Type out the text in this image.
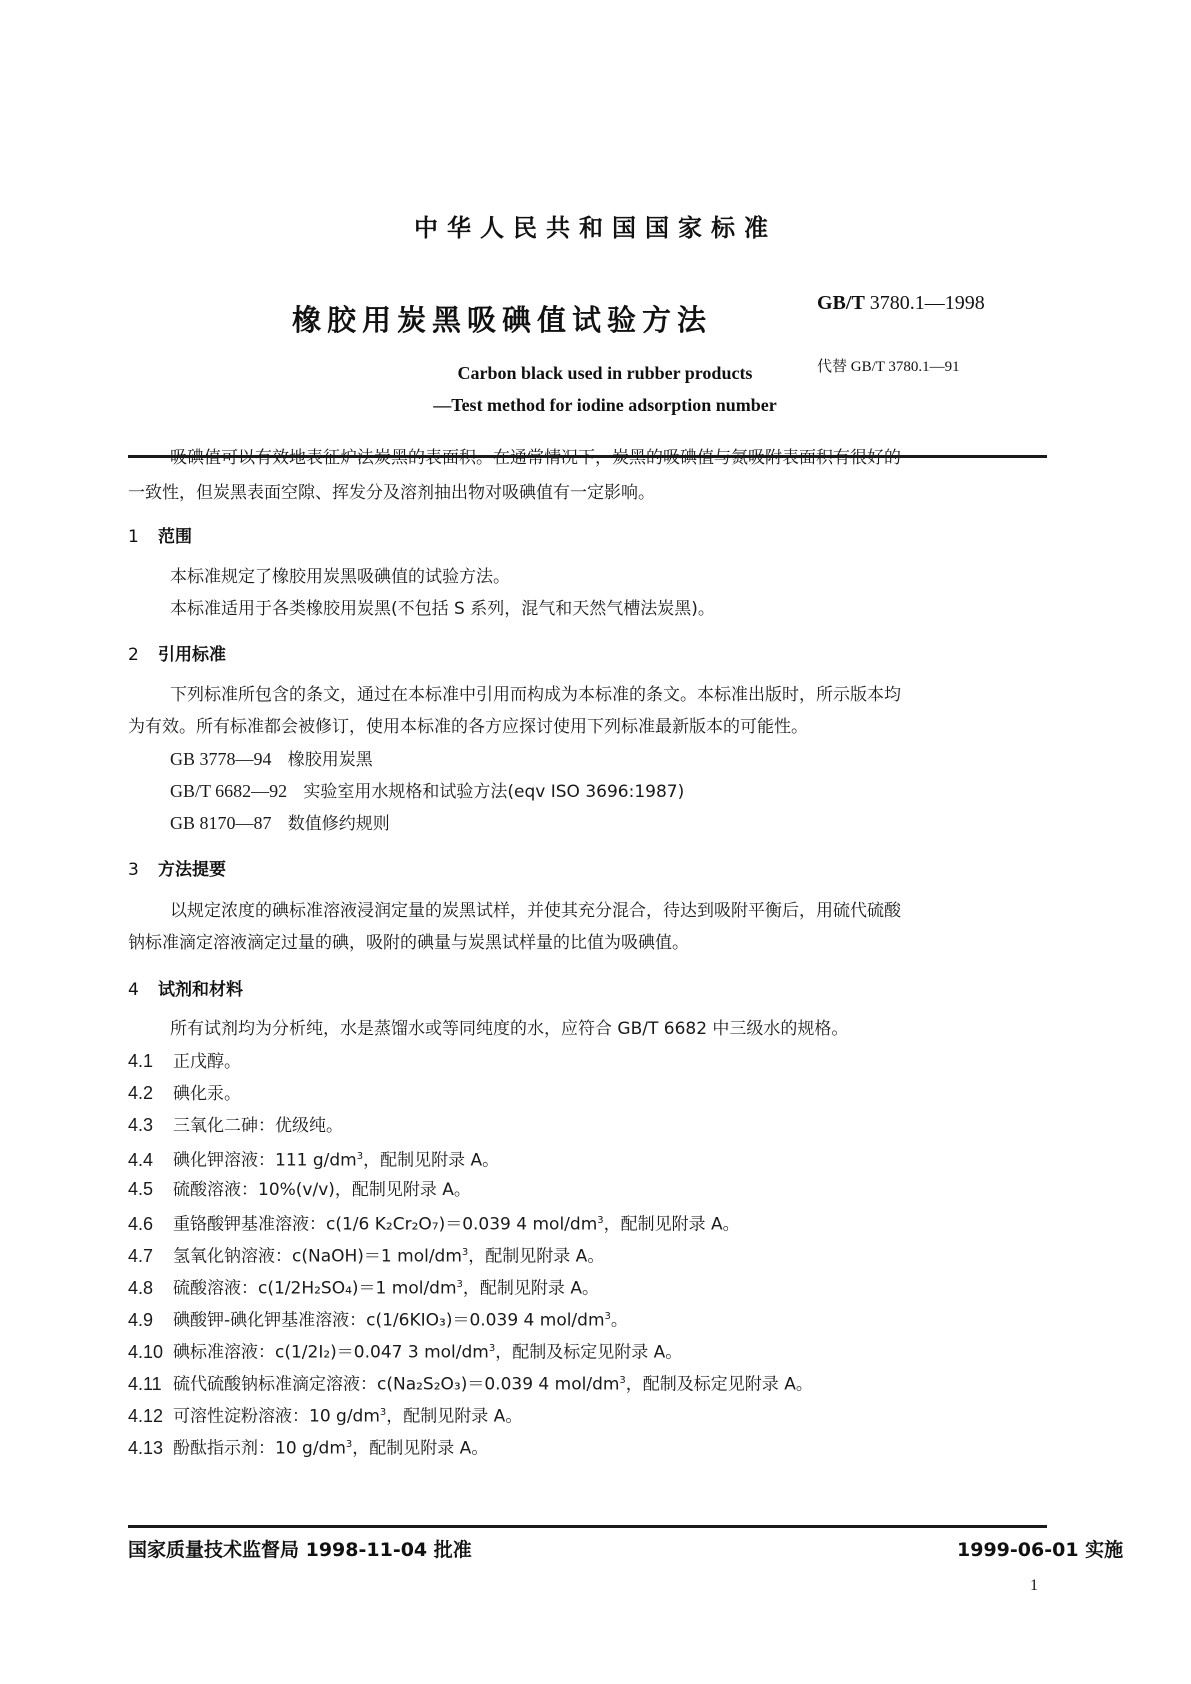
中华人民共和国国家标准
橡胶用炭黑吸碘值试验方法	GB/T 3780.1—1998
代替 GB/T 3780.1—91
Carbon black used in rubber products
—Test method for iodine adsorption number
吸碘值可以有效地表征炉法炭黑的表面积。在通常情况下，炭黑的吸碘值与氮吸附表面积有很好的
一致性，但炭黑表面空隙、挥发分及溶剂抽出物对吸碘值有一定影响。
1 范围
本标准规定了橡胶用炭黑吸碘值的试验方法。
本标准适用于各类橡胶用炭黑(不包括 S 系列，混气和天然气槽法炭黑)。
2 引用标准
下列标准所包含的条文，通过在本标准中引用而构成为本标准的条文。本标准出版时，所示版本均
为有效。所有标准都会被修订，使用本标准的各方应探讨使用下列标准最新版本的可能性。
GB 3778—94 橡胶用炭黑
GB/T 6682—92 实验室用水规格和试验方法(eqv ISO 3696:1987)
GB 8170—87 数值修约规则
3 方法提要
以规定浓度的碘标准溶液浸润定量的炭黑试样，并使其充分混合，待达到吸附平衡后，用硫代硫酸
钠标准滴定溶液滴定过量的碘，吸附的碘量与炭黑试样量的比值为吸碘值。
4 试剂和材料
所有试剂均为分析纯，水是蒸馏水或等同纯度的水，应符合 GB/T 6682 中三级水的规格。
4.1 正戊醇。
4.2 碘化汞。
4.3 三氧化二砷：优级纯。
4.4 碘化钾溶液：111 $g/dm^3$，配制见附录 A。
4.5 硫酸溶液：10%(v/v)，配制见附录 A。
4.6 重铬酸钾基准溶液：c(1/6 K₂Cr₂O₇)＝0.039 4 mol/$dm^3$，配制见附录 A。
4.7 氢氧化钠溶液：c(NaOH)＝1 mol/$dm^3$，配制见附录 A。
4.8 硫酸溶液：c(1/2H₂SO₄)＝1 mol/$dm^3$，配制见附录 A。
4.9 碘酸钾-碘化钾基准溶液：c(1/6KIO₃)＝0.039 4 mol/$dm^3$。
4.10 碘标准溶液：c(1/2I₂)＝0.047 3 mol/$dm^3$，配制及标定见附录 A。
4.11 硫代硫酸钠标准滴定溶液：c(Na₂S₂O₃)＝0.039 4 mol/$dm^3$，配制及标定见附录 A。
4.12 可溶性淀粉溶液：10 $g/dm^3$，配制见附录 A。
4.13 酚酞指示剂：10 $g/dm^3$，配制见附录 A。
国家质量技术监督局 1998-11-04 批准	1999-06-01 实施
1
